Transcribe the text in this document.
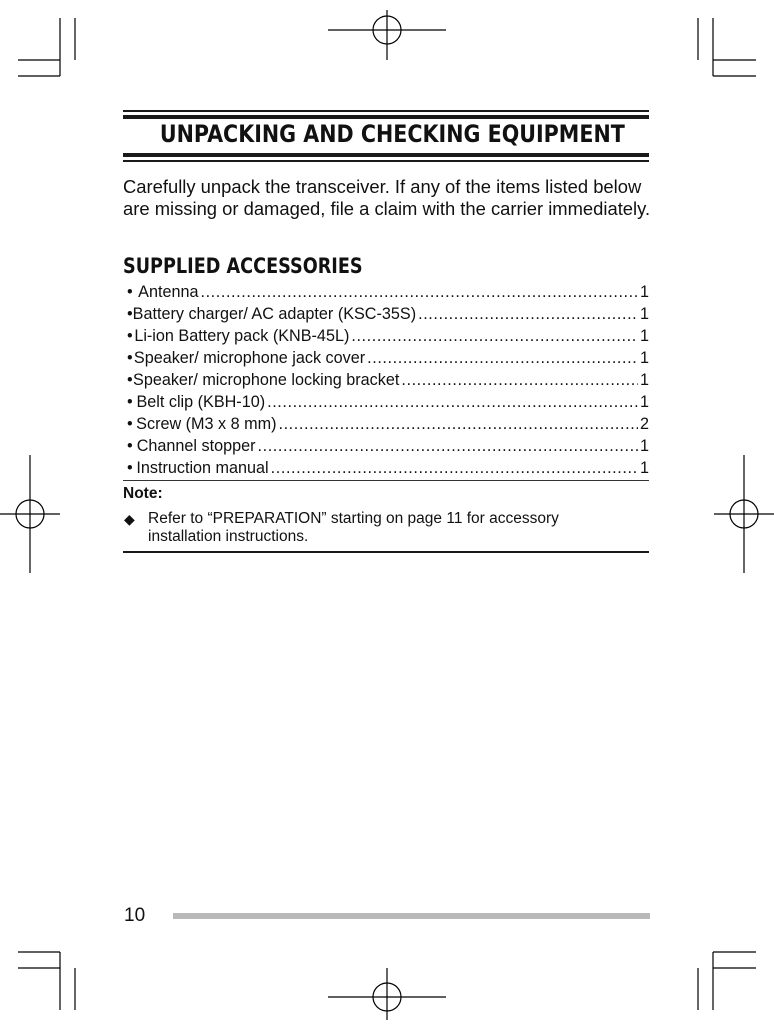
UNPACKING AND CHECKING EQUIPMENT

Carefully unpack the transceiver. If any of the items listed below are missing or damaged, file a claim with the carrier immediately.

SUPPLIED ACCESSORIES
• Antenna .....	1
• Battery charger/ AC adapter (KSC-35S) .....	1
• Li-ion Battery pack (KNB-45L) .....	1
• Speaker/ microphone jack cover .....	1
• Speaker/ microphone locking bracket .....	1
• Belt clip (KBH-10) .....	1
• Screw (M3 x 8 mm) .....	2
• Channel stopper .....	1
• Instruction manual .....	1
Note:
◆ Refer to “PREPARATION” starting on page 11 for accessory installation instructions.
10
